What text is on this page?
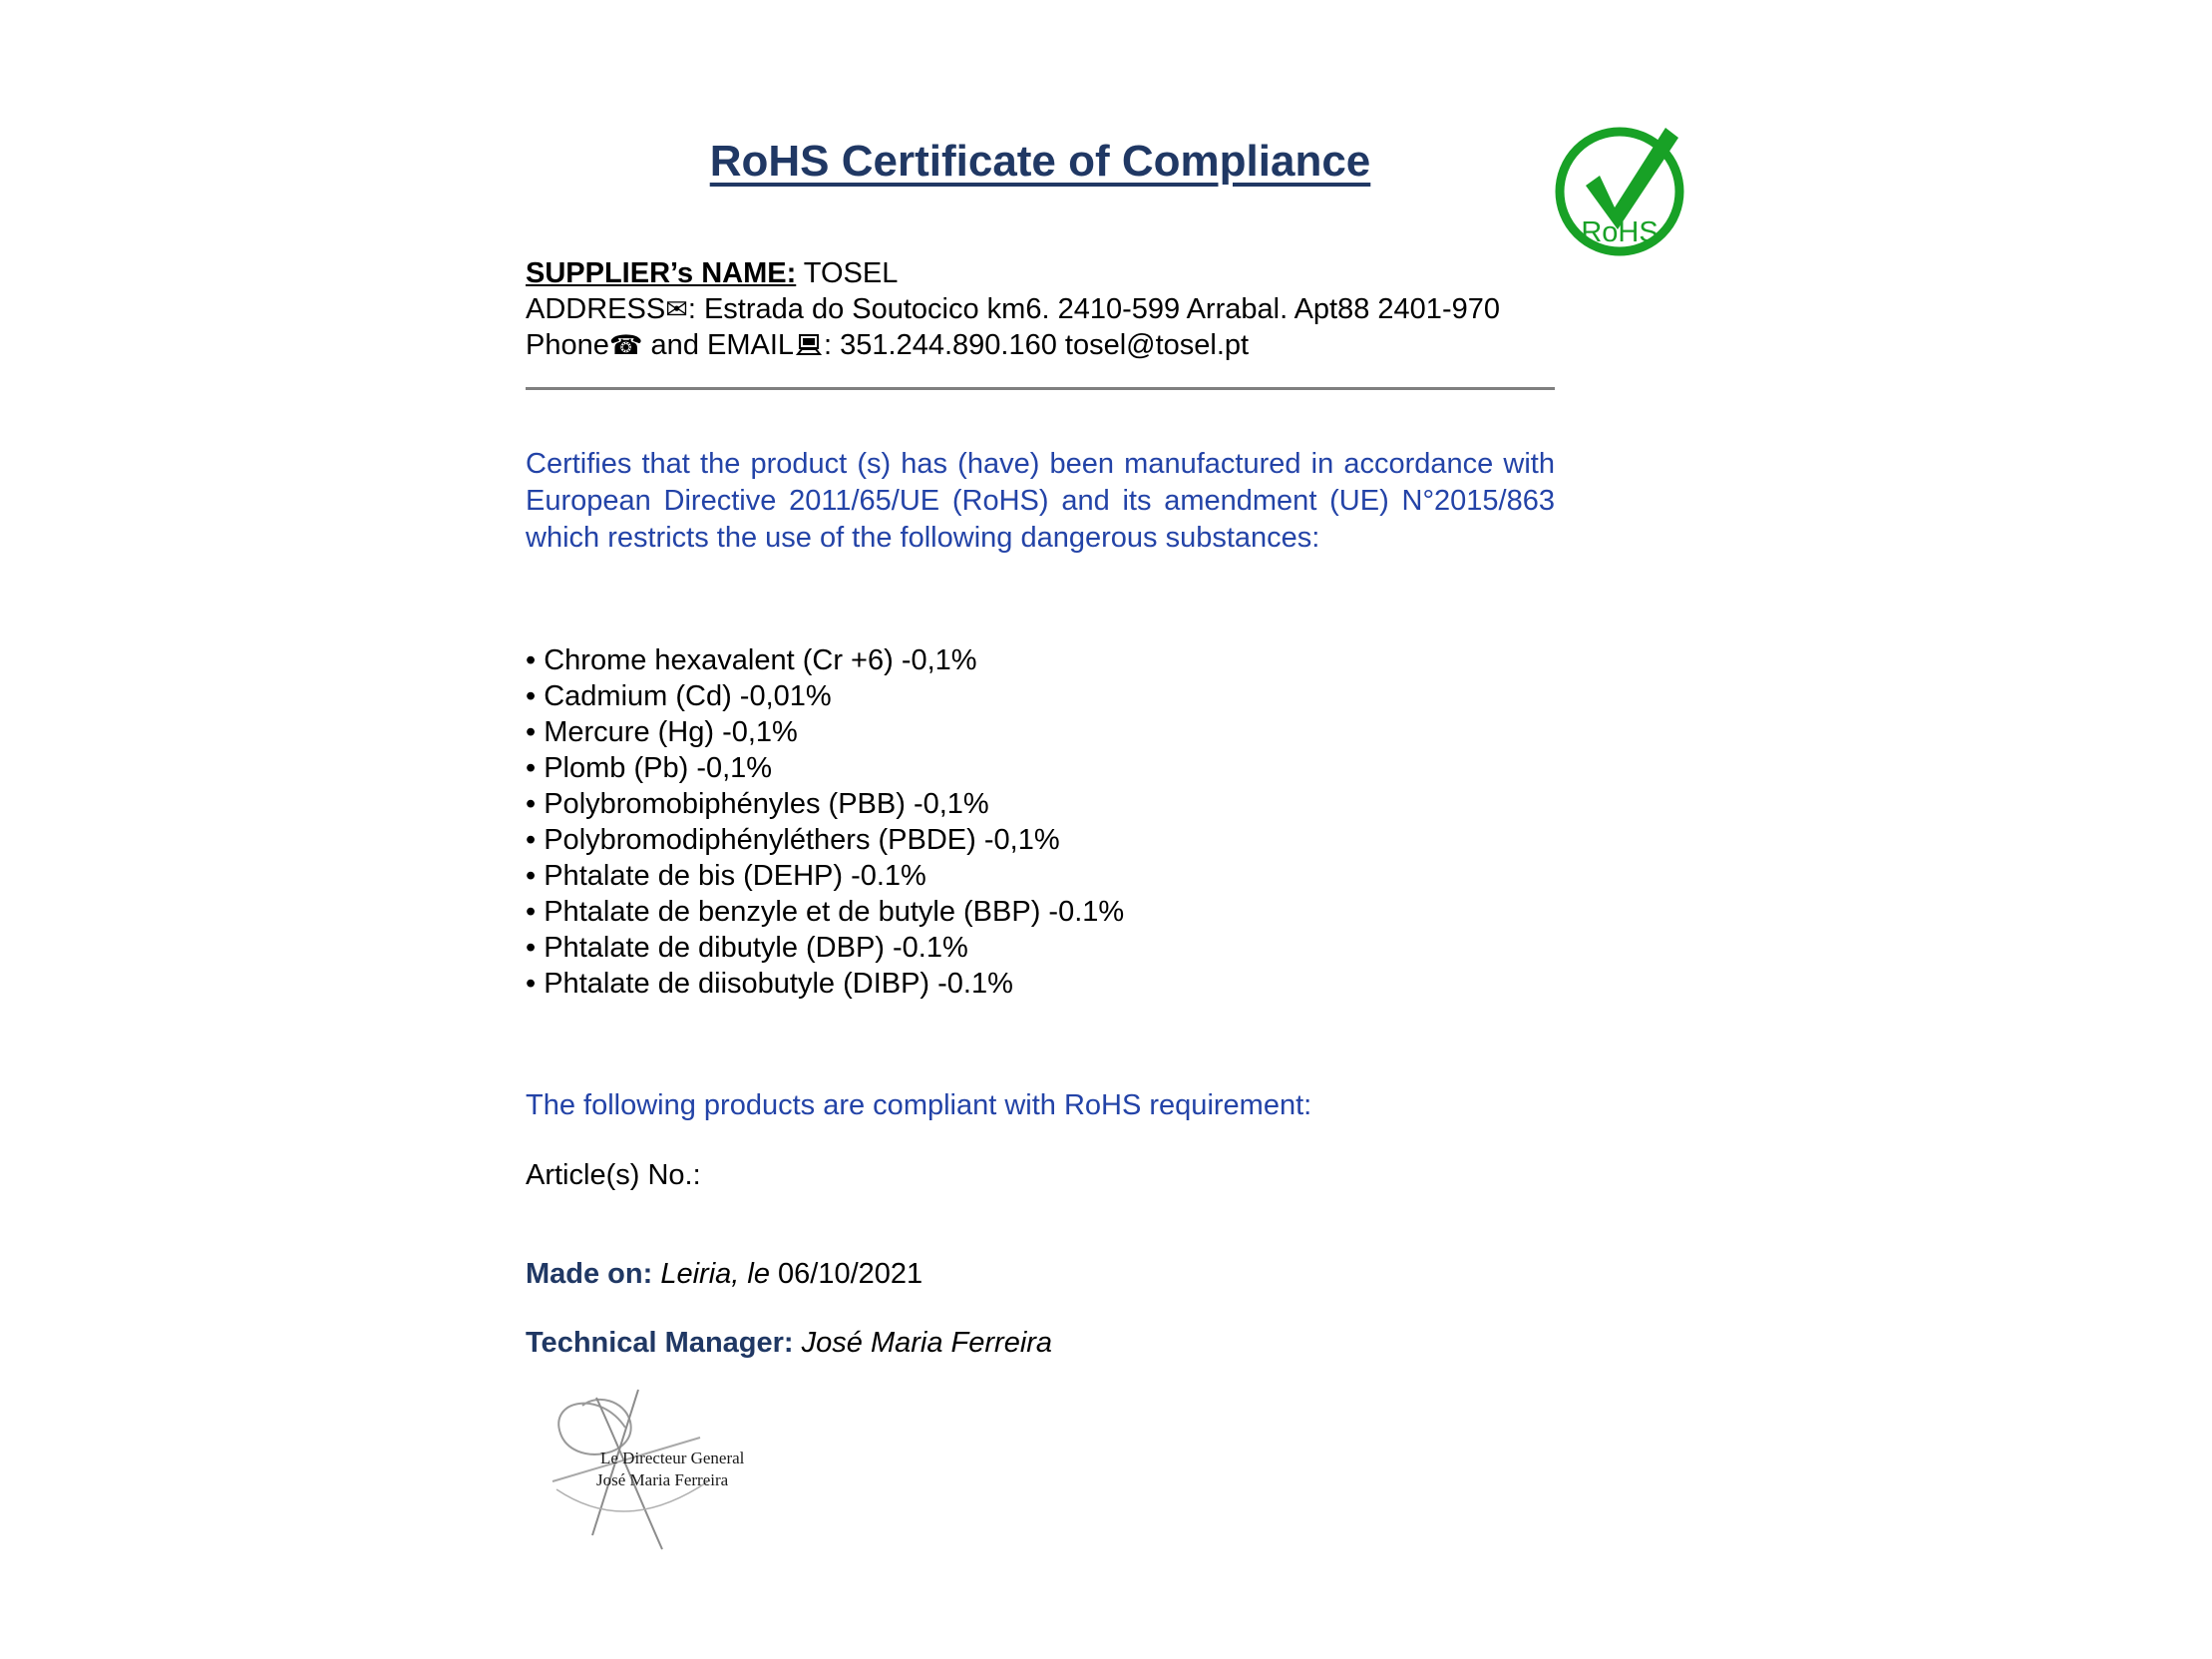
RoHS
RoHS Certificate of Compliance
SUPPLIER’s NAME: TOSEL
ADDRESS✉: Estrada do Soutocico km6. 2410-599 Arrabal. Apt88 2401-970
Phone☎ and EMAIL : 351.244.890.160 tosel@tosel.pt
Certifies that the product (s) has (have) been manufactured in accordance with European Directive 2011/65/UE (RoHS) and its amendment (UE) N°2015/863 which restricts the use of the following dangerous substances:
• Chrome hexavalent (Cr +6) -0,1%
• Cadmium (Cd) -0,01%
• Mercure (Hg) -0,1%
• Plomb (Pb) -0,1%
• Polybromobiphényles (PBB) -0,1%
• Polybromodiphényléthers (PBDE) -0,1%
• Phtalate de bis (DEHP) -0.1%
• Phtalate de benzyle et de butyle (BBP) -0.1%
• Phtalate de dibutyle (DBP) -0.1%
• Phtalate de diisobutyle (DIBP) -0.1%
The following products are compliant with RoHS requirement:
Article(s) No.:
Made on: Leiria, le 06/10/2021
Technical Manager: José Maria Ferreira
Le Directeur General
José Maria Ferreira
